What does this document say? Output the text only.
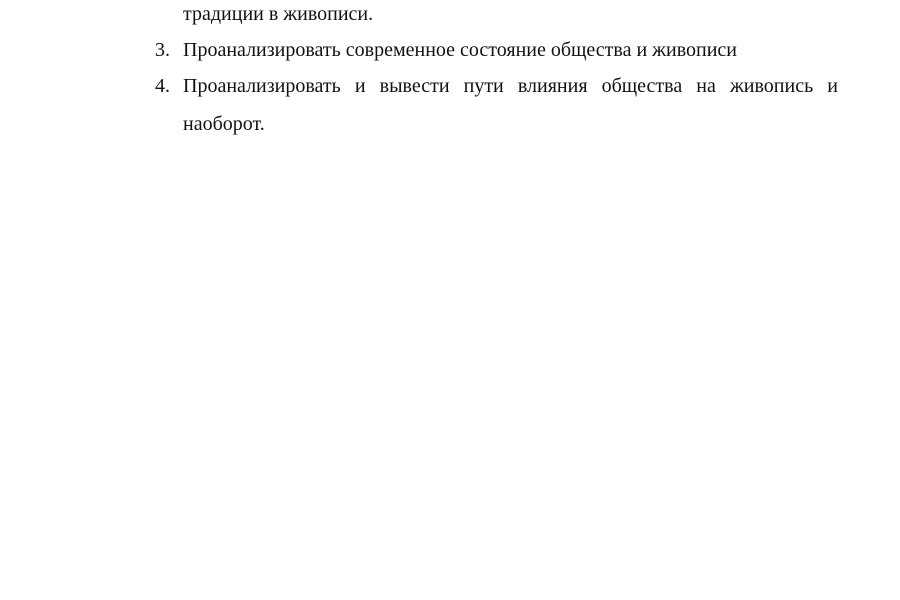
традиции в живописи.
3. Проанализировать современное состояние общества и живописи
4. Проанализировать и вывести пути влияния общества на живопись и
наоборот.
